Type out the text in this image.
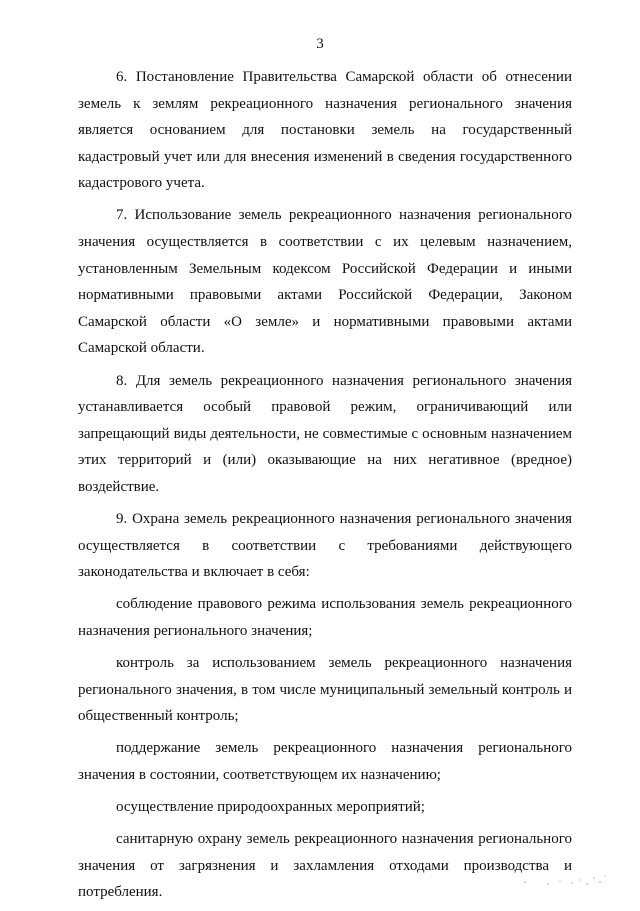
3

6. Постановление Правительства Самарской области об отнесении земель к землям рекреационного назначения регионального значения является основанием для постановки земель на государственный кадастровый учет или для внесения изменений в сведения государственного кадастрового учета.

7. Использование земель рекреационного назначения регионального значения осуществляется в соответствии с их целевым назначением, установленным Земельным кодексом Российской Федерации и иными нормативными правовыми актами Российской Федерации, Законом Самарской области «О земле» и нормативными правовыми актами Самарской области.

8. Для земель рекреационного назначения регионального значения устанавливается особый правовой режим, ограничивающий или запрещающий виды деятельности, не совместимые с основным назначением этих территорий и (или) оказывающие на них негативное (вредное) воздействие.

9. Охрана земель рекреационного назначения регионального значения осуществляется в соответствии с требованиями действующего законодательства и включает в себя:

соблюдение правового режима использования земель рекреационного назначения регионального значения;

контроль за использованием земель рекреационного назначения регионального значения, в том числе муниципальный земельный контроль и общественный контроль;

поддержание земель рекреационного назначения регионального значения в состоянии, соответствующем их назначению;

осуществление природоохранных мероприятий;

санитарную охрану земель рекреационного назначения регионального значения от загрязнения и захламления отходами производства и потребления.
